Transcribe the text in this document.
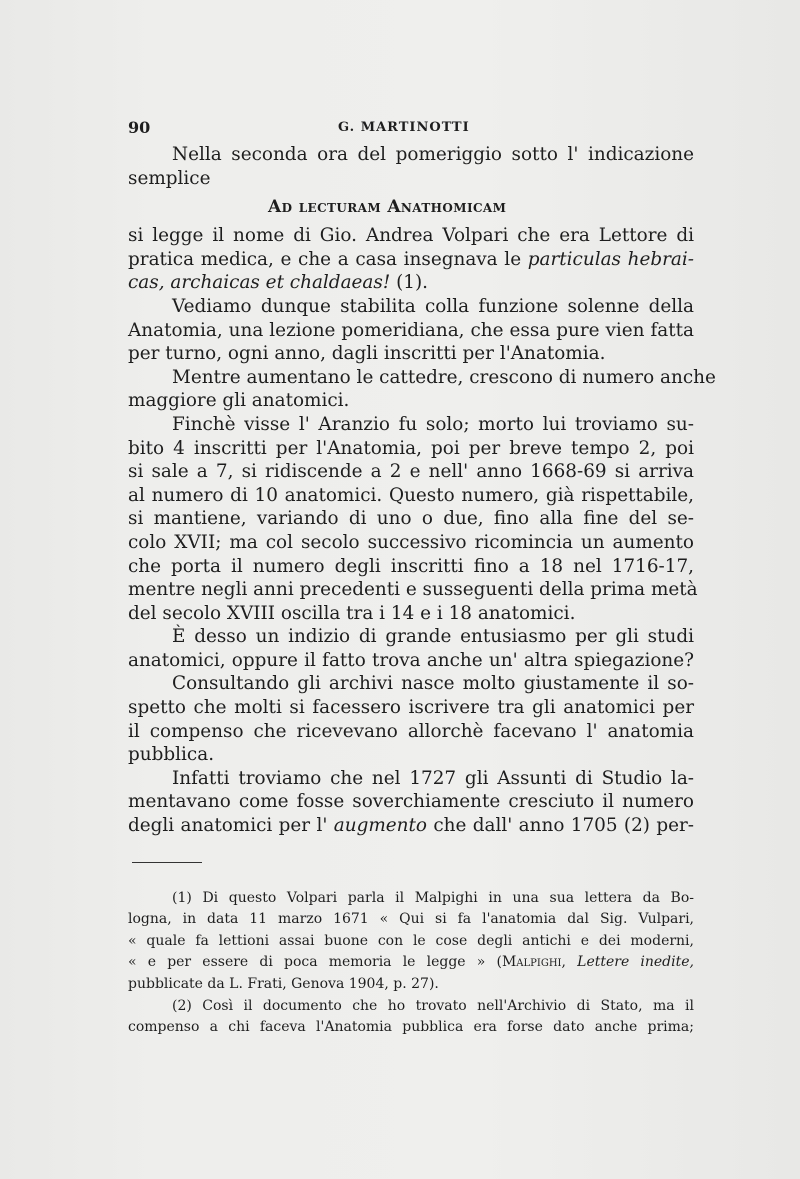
90	G. MARTINOTTI
Nella seconda ora del pomeriggio sotto l' indicazione
semplice
Ad lecturam Anathomicam
si legge il nome di Gio. Andrea Volpari che era Lettore di
pratica medica, e che a casa insegnava le particulas hebrai-
cas, archaicas et chaldaeas! (1).
Vediamo dunque stabilita colla funzione solenne della
Anatomia, una lezione pomeridiana, che essa pure vien fatta
per turno, ogni anno, dagli inscritti per l'Anatomia.
Mentre aumentano le cattedre, crescono di numero anche
maggiore gli anatomici.
Finchè visse l' Aranzio fu solo; morto lui troviamo su-
bito 4 inscritti per l'Anatomia, poi per breve tempo 2, poi
si sale a 7, si ridiscende a 2 e nell' anno 1668-69 si arriva
al numero di 10 anatomici. Questo numero, già rispettabile,
si mantiene, variando di uno o due, fino alla fine del se-
colo XVII; ma col secolo successivo ricomincia un aumento
che porta il numero degli inscritti fino a 18 nel 1716-17,
mentre negli anni precedenti e susseguenti della prima metà
del secolo XVIII oscilla tra i 14 e i 18 anatomici.
È desso un indizio di grande entusiasmo per gli studi
anatomici, oppure il fatto trova anche un' altra spiegazione?
Consultando gli archivi nasce molto giustamente il so-
spetto che molti si facessero iscrivere tra gli anatomici per
il compenso che ricevevano allorchè facevano l' anatomia
pubblica.
Infatti troviamo che nel 1727 gli Assunti di Studio la-
mentavano come fosse soverchiamente cresciuto il numero
degli anatomici per l' augmento che dall' anno 1705 (2) per-
(1) Di questo Volpari parla il Malpighi in una sua lettera da Bo-
logna, in data 11 marzo 1671 « Qui si fa l'anatomia dal Sig. Vulpari,
« quale fa lettioni assai buone con le cose degli antichi e dei moderni,
« e per essere di poca memoria le legge » (Malpighi, Lettere inedite,
pubblicate da L. Frati, Genova 1904, p. 27).
(2) Così il documento che ho trovato nell'Archivio di Stato, ma il
compenso a chi faceva l'Anatomia pubblica era forse dato anche prima;
